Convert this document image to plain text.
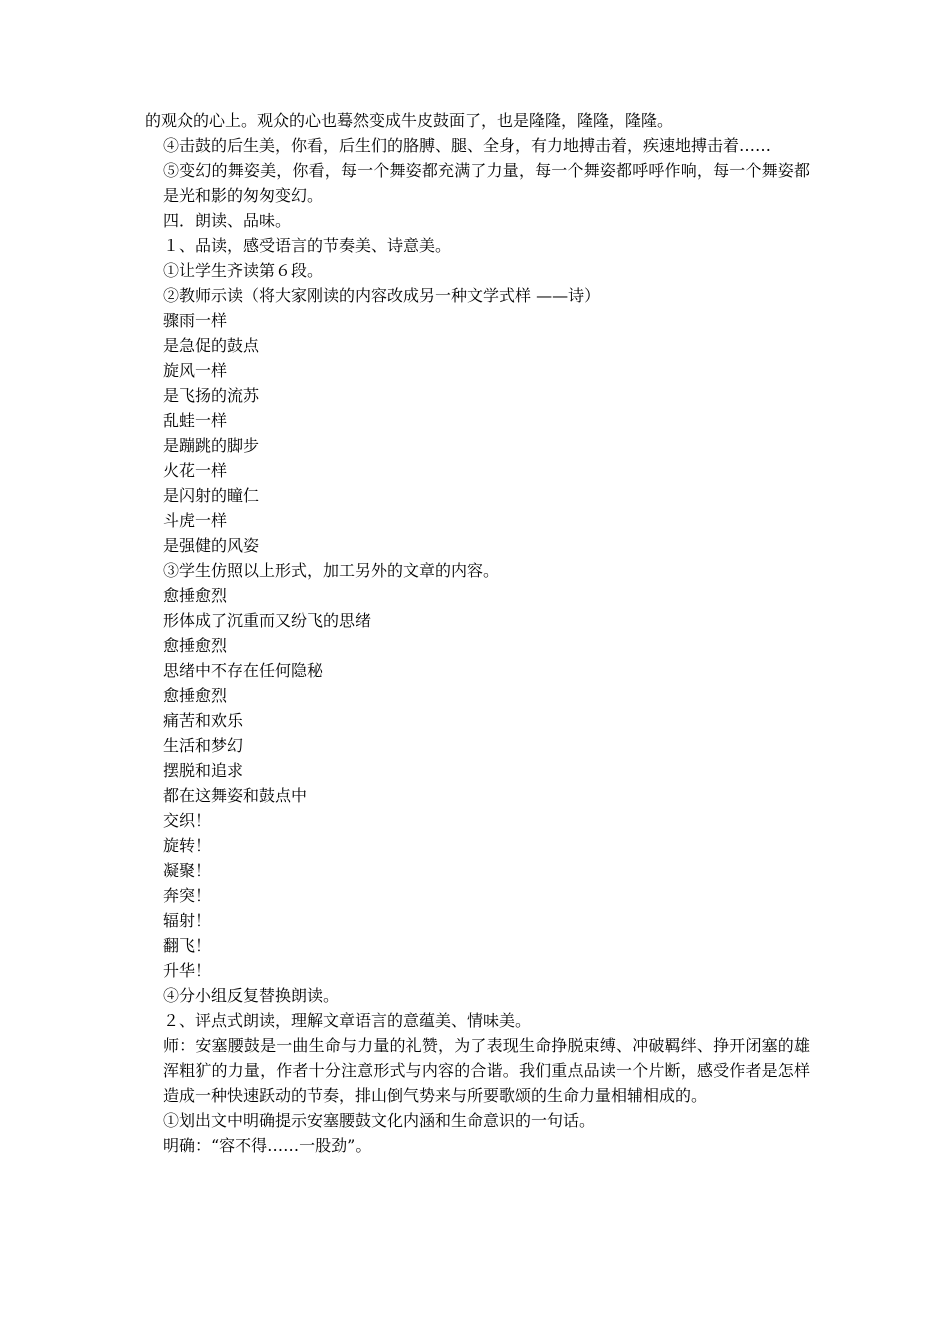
的观众的心上。观众的心也蓦然变成牛皮鼓面了，也是隆隆，隆隆，隆隆。
④击鼓的后生美，你看，后生们的胳膊、腿、全身，有力地搏击着，疾速地搏击着……
⑤变幻的舞姿美，你看，每一个舞姿都充满了力量，每一个舞姿都呼呼作响，每一个舞姿都是光和影的匆匆变幻。
四．朗读、品味。
１、品读，感受语言的节奏美、诗意美。
①让学生齐读第６段。
②教师示读（将大家刚读的内容改成另一种文学式样 ——诗）
骤雨一样
是急促的鼓点
旋风一样
是飞扬的流苏
乱蛙一样
是蹦跳的脚步
火花一样
是闪射的瞳仁
斗虎一样
是强健的风姿
③学生仿照以上形式，加工另外的文章的内容。
愈捶愈烈
形体成了沉重而又纷飞的思绪
愈捶愈烈
思绪中不存在任何隐秘
愈捶愈烈
痛苦和欢乐
生活和梦幻
摆脱和追求
都在这舞姿和鼓点中
交织！
旋转！
凝聚！
奔突！
辐射！
翻飞！
升华！
④分小组反复替换朗读。
２、评点式朗读，理解文章语言的意蕴美、情味美。
师：安塞腰鼓是一曲生命与力量的礼赞，为了表现生命挣脱束缚、冲破羁绊、挣开闭塞的雄浑粗犷的力量，作者十分注意形式与内容的合谐。我们重点品读一个片断，感受作者是怎样造成一种快速跃动的节奏，排山倒气势来与所要歌颂的生命力量相辅相成的。
①划出文中明确提示安塞腰鼓文化内涵和生命意识的一句话。
明确：“容不得……一股劲”。
